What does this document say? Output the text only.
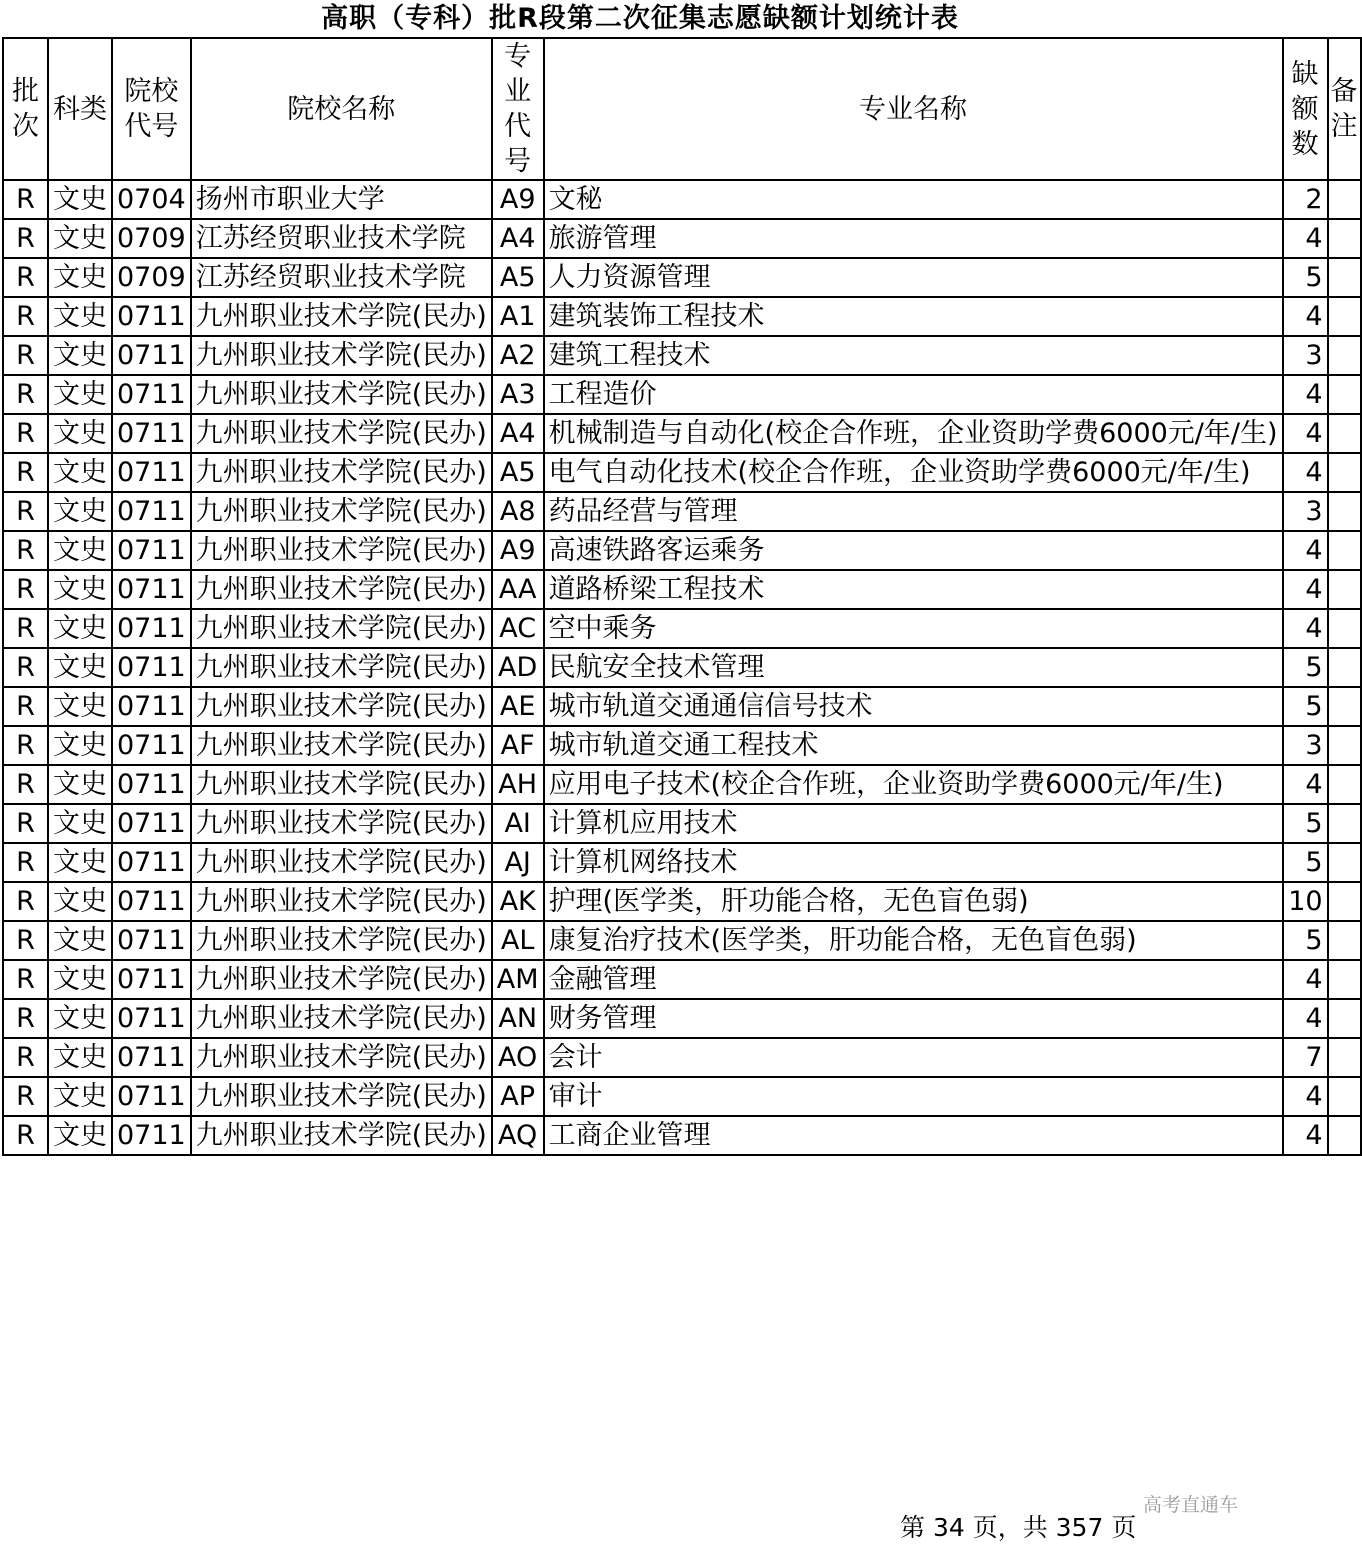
高职（专科）批R段第二次征集志愿缺额计划统计表
批次	科类	院校代号	院校名称	专业代号	专业名称	缺额数	备注
R	文史	0704	扬州市职业大学	A9	文秘	2	
R	文史	0709	江苏经贸职业技术学院	A4	旅游管理	4	
R	文史	0709	江苏经贸职业技术学院	A5	人力资源管理	5	
R	文史	0711	九州职业技术学院(民办)	A1	建筑装饰工程技术	4	
R	文史	0711	九州职业技术学院(民办)	A2	建筑工程技术	3	
R	文史	0711	九州职业技术学院(民办)	A3	工程造价	4	
R	文史	0711	九州职业技术学院(民办)	A4	机械制造与自动化(校企合作班，企业资助学费6000元/年/生)	4	
R	文史	0711	九州职业技术学院(民办)	A5	电气自动化技术(校企合作班，企业资助学费6000元/年/生)	4	
R	文史	0711	九州职业技术学院(民办)	A8	药品经营与管理	3	
R	文史	0711	九州职业技术学院(民办)	A9	高速铁路客运乘务	4	
R	文史	0711	九州职业技术学院(民办)	AA	道路桥梁工程技术	4	
R	文史	0711	九州职业技术学院(民办)	AC	空中乘务	4	
R	文史	0711	九州职业技术学院(民办)	AD	民航安全技术管理	5	
R	文史	0711	九州职业技术学院(民办)	AE	城市轨道交通通信信号技术	5	
R	文史	0711	九州职业技术学院(民办)	AF	城市轨道交通工程技术	3	
R	文史	0711	九州职业技术学院(民办)	AH	应用电子技术(校企合作班，企业资助学费6000元/年/生)	4	
R	文史	0711	九州职业技术学院(民办)	AI	计算机应用技术	5	
R	文史	0711	九州职业技术学院(民办)	AJ	计算机网络技术	5	
R	文史	0711	九州职业技术学院(民办)	AK	护理(医学类，肝功能合格，无色盲色弱)	10	
R	文史	0711	九州职业技术学院(民办)	AL	康复治疗技术(医学类，肝功能合格，无色盲色弱)	5	
R	文史	0711	九州职业技术学院(民办)	AM	金融管理	4	
R	文史	0711	九州职业技术学院(民办)	AN	财务管理	4	
R	文史	0711	九州职业技术学院(民办)	AO	会计	7	
R	文史	0711	九州职业技术学院(民办)	AP	审计	4	
R	文史	0711	九州职业技术学院(民办)	AQ	工商企业管理	4	
第 34 页，共 357 页
高考直通车
